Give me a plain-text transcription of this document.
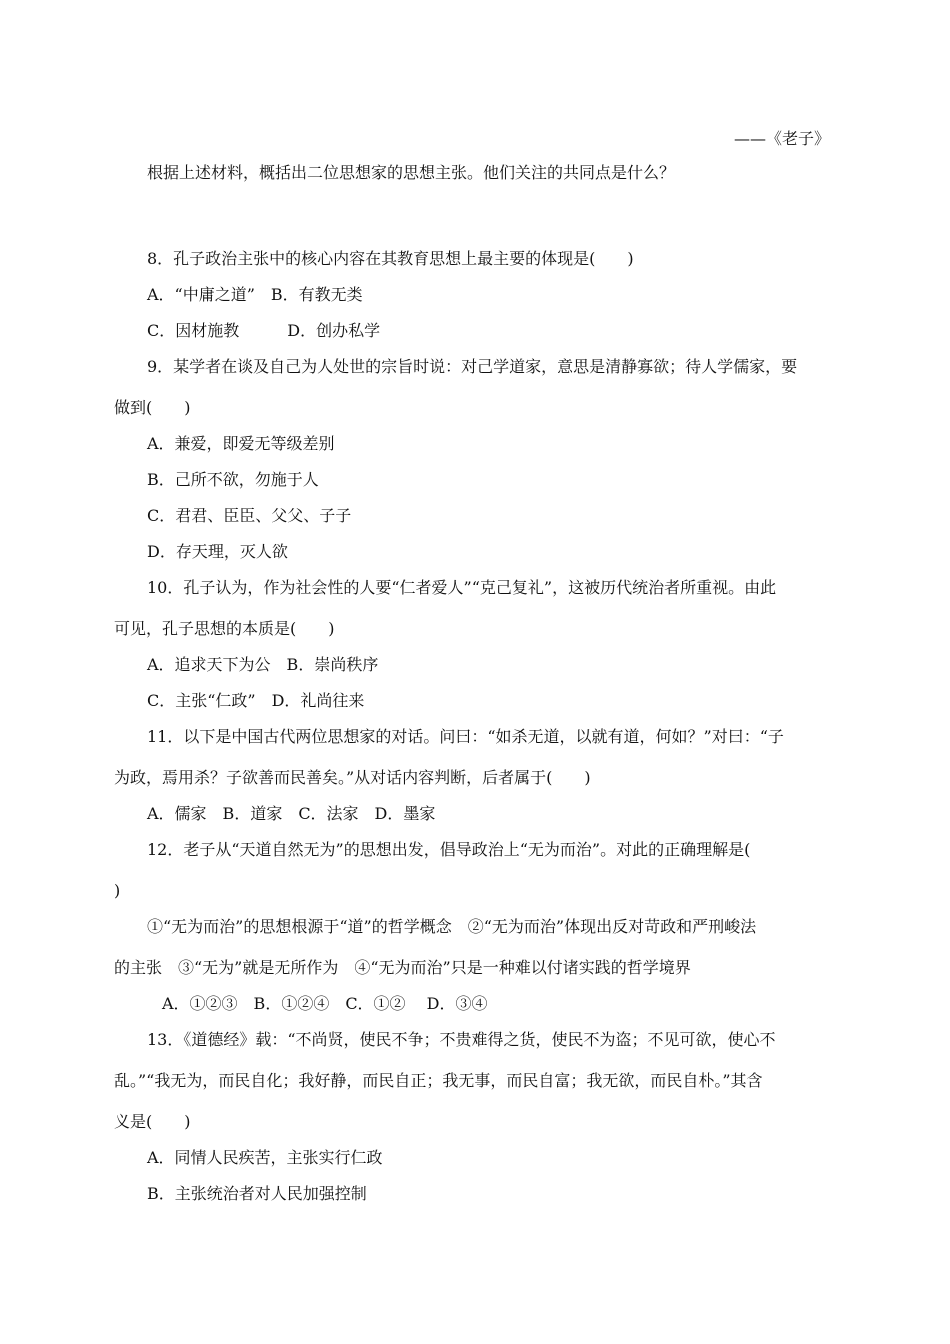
——《老子》
根据上述材料，概括出二位思想家的思想主张。他们关注的共同点是什么？
8．孔子政治主张中的核心内容在其教育思想上最主要的体现是(　　)
A．“中庸之道”　B．有教无类
C．因材施教　　　D．创办私学
9．某学者在谈及自己为人处世的宗旨时说：对己学道家，意思是清静寡欲；待人学儒家，要
做到(　　)
A．兼爱，即爱无等级差别
B．己所不欲，勿施于人
C．君君、臣臣、父父、子子
D．存天理，灭人欲
10．孔子认为，作为社会性的人要“仁者爱人”“克己复礼”，这被历代统治者所重视。由此
可见，孔子思想的本质是(　　)
A．追求天下为公　B．崇尚秩序
C．主张“仁政”　D．礼尚往来
11．以下是中国古代两位思想家的对话。问曰：“如杀无道，以就有道，何如？”对曰：“子
为政，焉用杀？子欲善而民善矣。”从对话内容判断，后者属于(　　)
A．儒家　B．道家　C．法家　D．墨家
12．老子从“天道自然无为”的思想出发，倡导政治上“无为而治”。对此的正确理解是(
)
①“无为而治”的思想根源于“道”的哲学概念　②“无为而治”体现出反对苛政和严刑峻法
的主张　③“无为”就是无所作为　④“无为而治”只是一种难以付诸实践的哲学境界
A．①②③　B．①②④　C．①②　 D．③④
13．《道德经》载：“不尚贤，使民不争；不贵难得之货，使民不为盗；不见可欲，使心不
乱。”“我无为，而民自化；我好静，而民自正；我无事，而民自富；我无欲，而民自朴。”其含
义是(　　)
A．同情人民疾苦，主张实行仁政
B．主张统治者对人民加强控制
